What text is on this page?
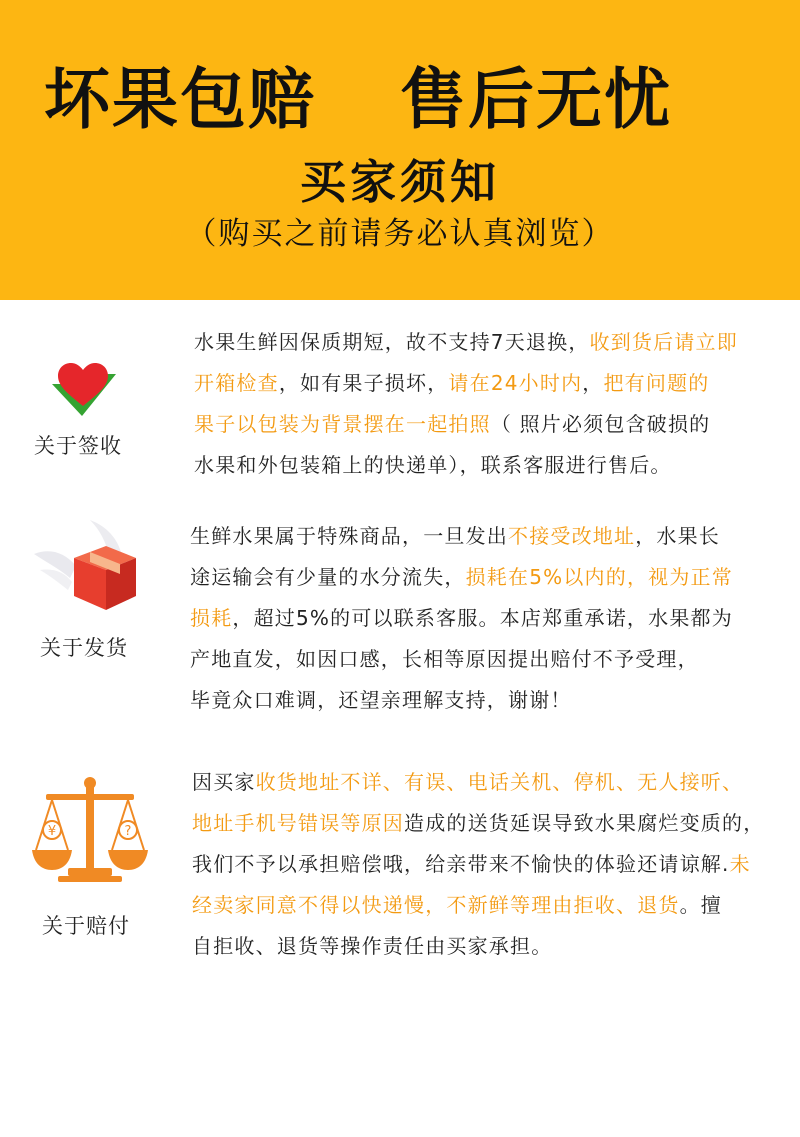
坏果包赔 售后无忧
买家须知
（购买之前请务必认真浏览）
关于签收
水果生鲜因保质期短，故不支持7天退换，收到货后请立即
开箱检查，如有果子损坏，请在24小时内，把有问题的
果子以包装为背景摆在一起拍照（ 照片必须包含破损的
水果和外包装箱上的快递单），联系客服进行售后。
关于发货
生鲜水果属于特殊商品，一旦发出不接受改地址，水果长
途运输会有少量的水分流失，损耗在5%以内的，视为正常
损耗，超过5%的可以联系客服。本店郑重承诺，水果都为
产地直发，如因口感，长相等原因提出赔付不予受理，
毕竟众口难调，还望亲理解支持，谢谢！
¥	?
关于赔付
因买家收货地址不详、有误、电话关机、停机、无人接听、
地址手机号错误等原因造成的送货延误导致水果腐烂变质的，
我们不予以承担赔偿哦，给亲带来不愉快的体验还请谅解.未
经卖家同意不得以快递慢，不新鲜等理由拒收、退货。擅
自拒收、退货等操作责任由买家承担。
